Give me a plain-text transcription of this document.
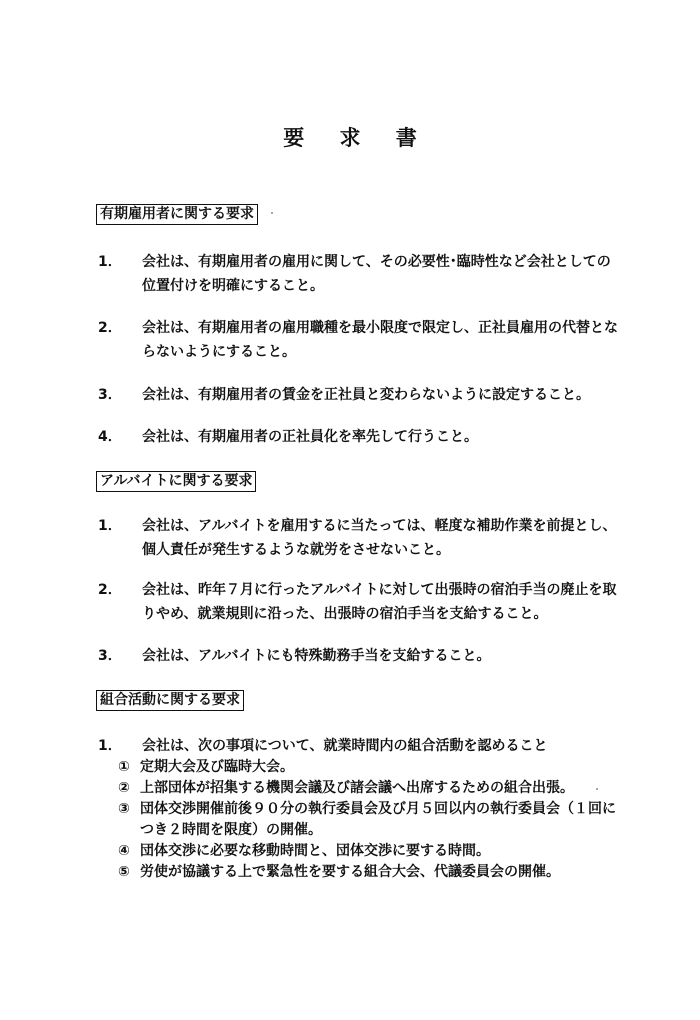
要 求 書
有期雇用者に関する要求
1．	会社は、有期雇用者の雇用に関して、その必要性･臨時性など会社としての位置付けを明確にすること。
2．	会社は、有期雇用者の雇用職種を最小限度で限定し、正社員雇用の代替とならないようにすること。
3．	会社は、有期雇用者の賃金を正社員と変わらないように設定すること。
4．	会社は、有期雇用者の正社員化を率先して行うこと。
アルバイトに関する要求
1．	会社は、アルバイトを雇用するに当たっては、軽度な補助作業を前提とし、個人責任が発生するような就労をさせないこと。
2．	会社は、昨年７月に行ったアルバイトに対して出張時の宿泊手当の廃止を取りやめ、就業規則に沿った、出張時の宿泊手当を支給すること。
3．	会社は、アルバイトにも特殊勤務手当を支給すること。
組合活動に関する要求
1．	会社は、次の事項について、就業時間内の組合活動を認めること
① 定期大会及び臨時大会。
② 上部団体が招集する機関会議及び諸会議へ出席するための組合出張。
③ 団体交渉開催前後９０分の執行委員会及び月５回以内の執行委員会（１回につき２時間を限度）の開催。
④ 団体交渉に必要な移動時間と、団体交渉に要する時間。
⑤ 労使が協議する上で緊急性を要する組合大会、代議委員会の開催。
